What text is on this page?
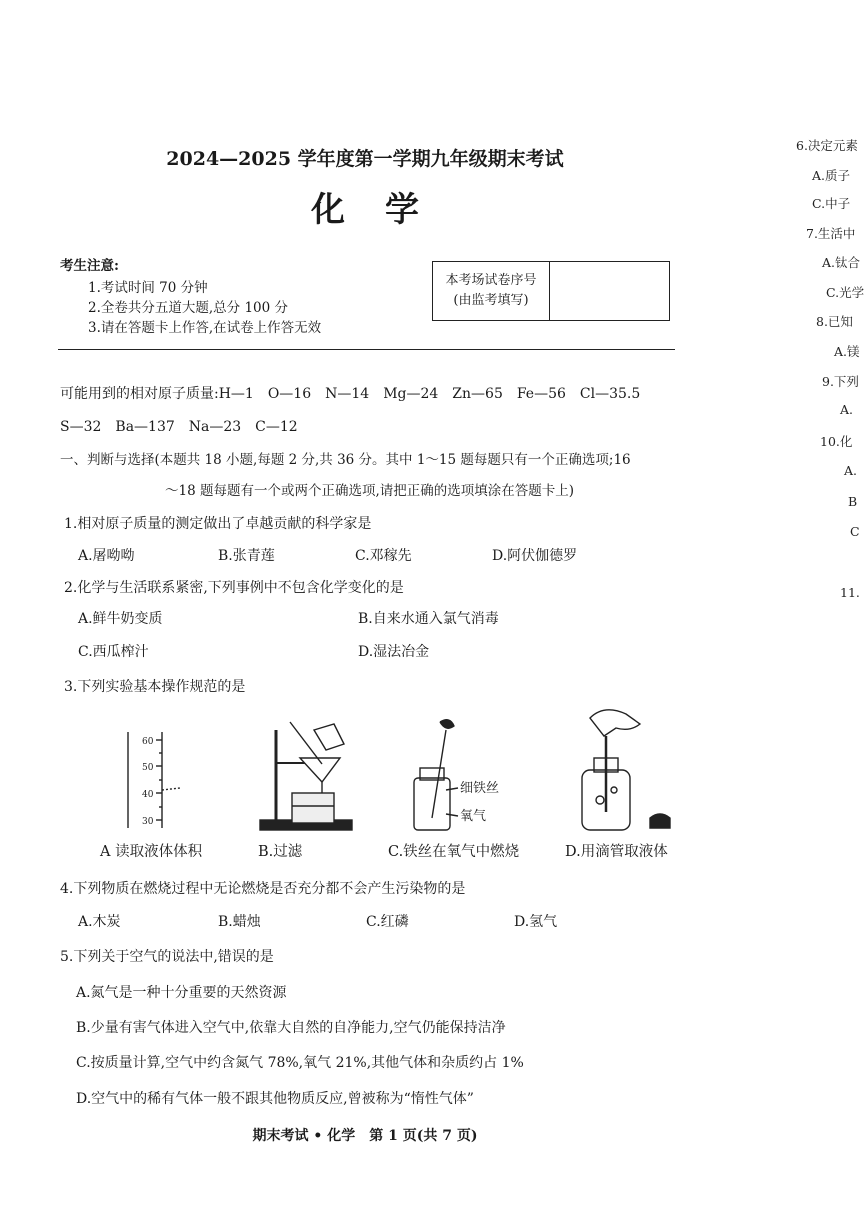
2024—2025 学年度第一学期九年级期末考试
化学
考生注意:
1.考试时间 70 分钟
2.全卷共分五道大题,总分 100 分
3.请在答题卡上作答,在试卷上作答无效
本考场试卷序号
(由监考填写)
可能用到的相对原子质量:H—1　O—16　N—14　Mg—24　Zn—65　Fe—56　Cl—35.5
S—32　Ba—137　Na—23　C—12
一、判断与选择(本题共 18 小题,每题 2 分,共 36 分。其中 1～15 题每题只有一个正确选项;16
～18 题每题有一个或两个正确选项,请把正确的选项填涂在答题卡上)
1.相对原子质量的测定做出了卓越贡献的科学家是
A.屠呦呦	B.张青莲	C.邓稼先	D.阿伏伽德罗
2.化学与生活联系紧密,下列事例中不包含化学变化的是
A.鲜牛奶变质	B.自来水通入氯气消毒
C.西瓜榨汁	D.湿法冶金
3.下列实验基本操作规范的是
60
50
40
30
细铁丝
氧气
A 读取液体体积	B.过滤	C.铁丝在氧气中燃烧	D.用滴管取液体
4.下列物质在燃烧过程中无论燃烧是否充分都不会产生污染物的是
A.木炭	B.蜡烛	C.红磷	D.氢气
5.下列关于空气的说法中,错误的是
A.氮气是一种十分重要的天然资源
B.少量有害气体进入空气中,依靠大自然的自净能力,空气仍能保持洁净
C.按质量计算,空气中约含氮气 78%,氧气 21%,其他气体和杂质约占 1%
D.空气中的稀有气体一般不跟其他物质反应,曾被称为“惰性气体”
期末考试 • 化学　第 1 页(共 7 页)
6.决定元素
A.质子
C.中子
7.生活中
A.钛合
C.光学
8.已知
A.镁
9.下列
A.
10.化
A.
B
C
11.
